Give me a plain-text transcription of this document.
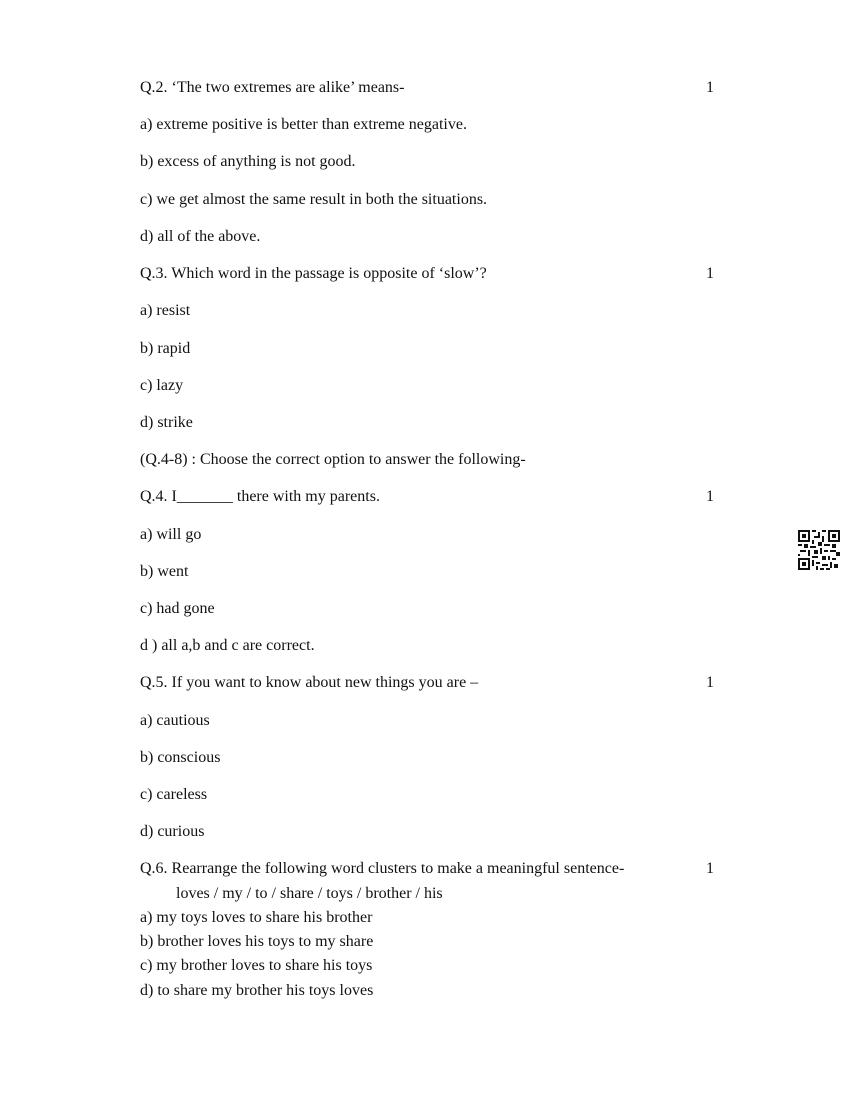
Q.2. ‘The two extremes are alike’ means-	1
a) extreme positive is better than extreme negative.
b) excess of anything is not good.
c) we get almost the same result in both the situations.
d) all of the above.
Q.3. Which word in the passage is opposite of ‘slow’?	1
a) resist
b) rapid
c) lazy
d) strike
(Q.4-8) : Choose the correct option to answer the following-
Q.4. I_______ there with my parents.	1
a) will go
b) went
c) had gone
d ) all a,b and c are correct.
Q.5. If you want to know about new things you are –	1
a) cautious
b) conscious
c) careless
d) curious
Q.6. Rearrange the following word clusters to make a meaningful sentence-	1
loves / my / to / share / toys / brother / his
a) my toys loves to share his brother
b) brother loves his toys to my share
c) my brother loves to share his toys
d) to share my brother his toys loves
